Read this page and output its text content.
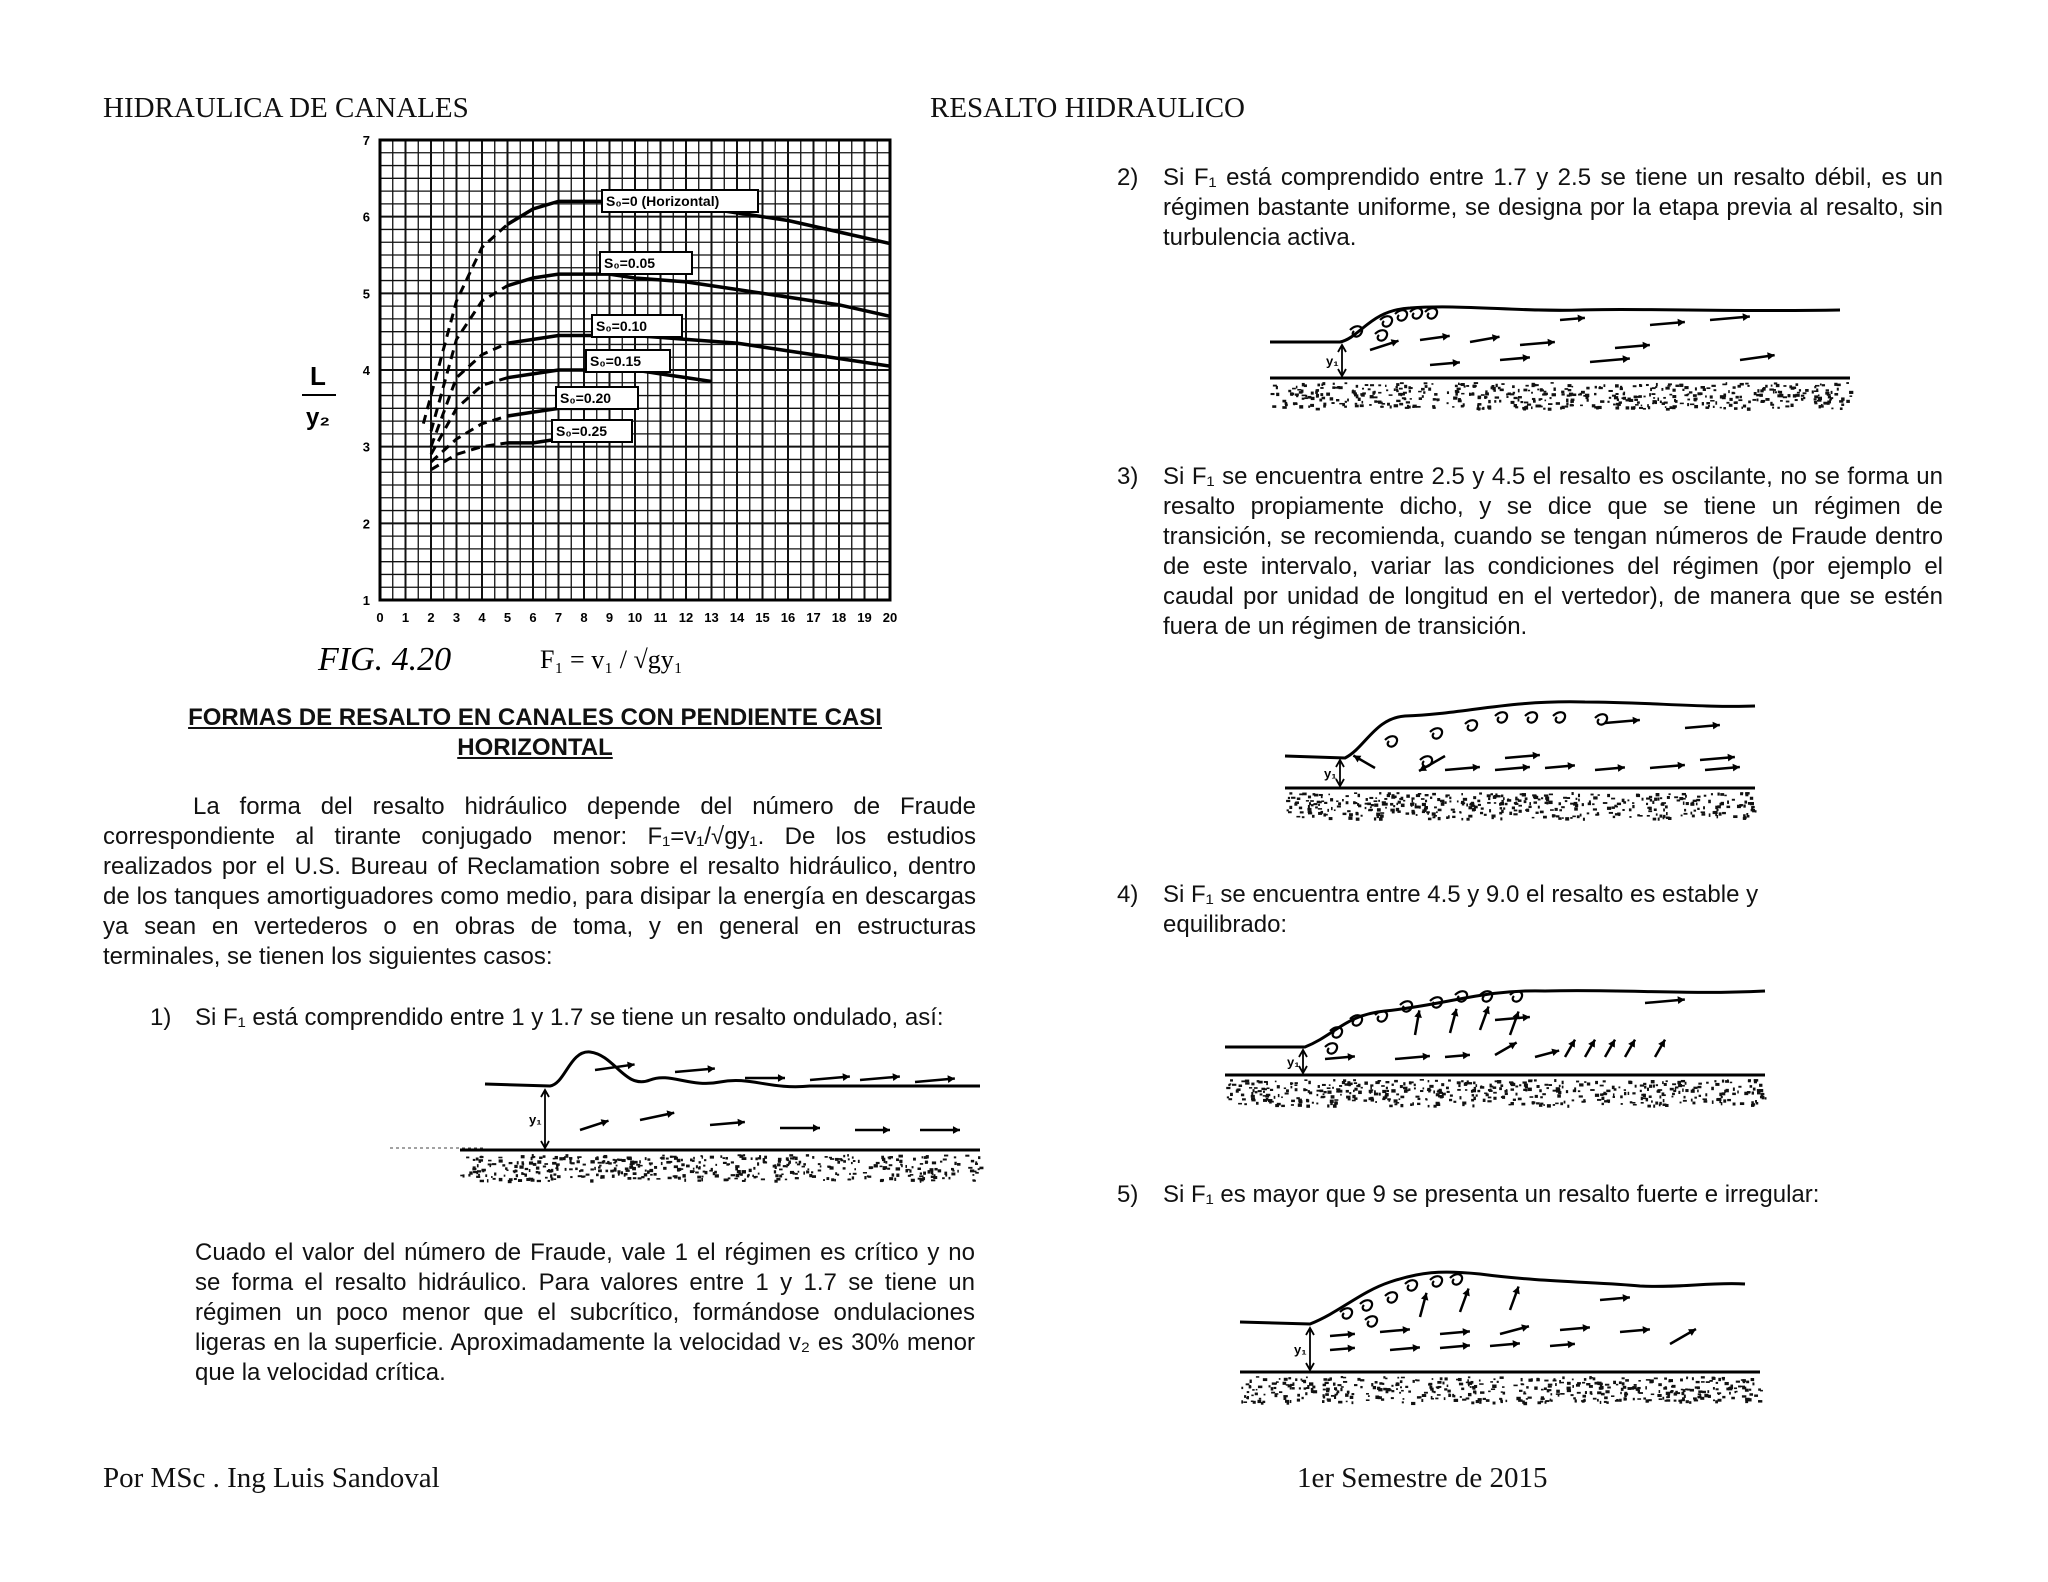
HIDRAULICA DE CANALES	RESALTO HIDRAULICO
0 1 2 3 4 5 6 7 8 9 10 11 12 13 14 15 16 17 18 19 20
1
2
3
4
5
6
7
L
y₂
FIG. 4.20	F₁ = v₁ / √gy₁
S₀=0 (Horizontal)
S₀=0.05
S₀=0.10
S₀=0.15
S₀=0.20
S₀=0.25
FORMAS DE RESALTO EN CANALES CON PENDIENTE CASI HORIZONTAL
La forma del resalto hidráulico depende del número de Fraude correspondiente al tirante conjugado menor: F₁=v₁/√gy₁. De los estudios realizados por el U.S. Bureau of Reclamation sobre el resalto hidráulico, dentro de los tanques amortiguadores como medio, para disipar la energía en descargas ya sean en vertederos o en obras de toma, y en general en estructuras terminales, se tienen los siguientes casos:
1) Si F₁ está comprendido entre 1 y 1.7 se tiene un resalto ondulado, así:
y₁
Cuado el valor del número de Fraude, vale 1 el régimen es crítico y no se forma el resalto hidráulico. Para valores entre 1 y 1.7 se tiene un régimen un poco menor que el subcrítico, formándose ondulaciones ligeras en la superficie. Aproximadamente la velocidad v₂ es 30% menor que la velocidad crítica.
2) Si F₁ está comprendido entre 1.7 y 2.5 se tiene un resalto débil, es un régimen bastante uniforme, se designa por la etapa previa al resalto, sin turbulencia activa.
y₁
3) Si F₁ se encuentra entre 2.5 y 4.5 el resalto es oscilante, no se forma un resalto propiamente dicho, y se dice que se tiene un régimen de transición, se recomienda, cuando se tengan números de Fraude dentro de este intervalo, variar las condiciones del régimen (por ejemplo el caudal por unidad de longitud en el vertedor), de manera que se estén fuera de un régimen de transición.
y₁
4) Si F₁ se encuentra entre 4.5 y 9.0 el resalto es estable y equilibrado:
y₁
5) Si F₁ es mayor que 9 se presenta un resalto fuerte e irregular:
y₁
Por MSc . Ing Luis Sandoval	1er Semestre de 2015
